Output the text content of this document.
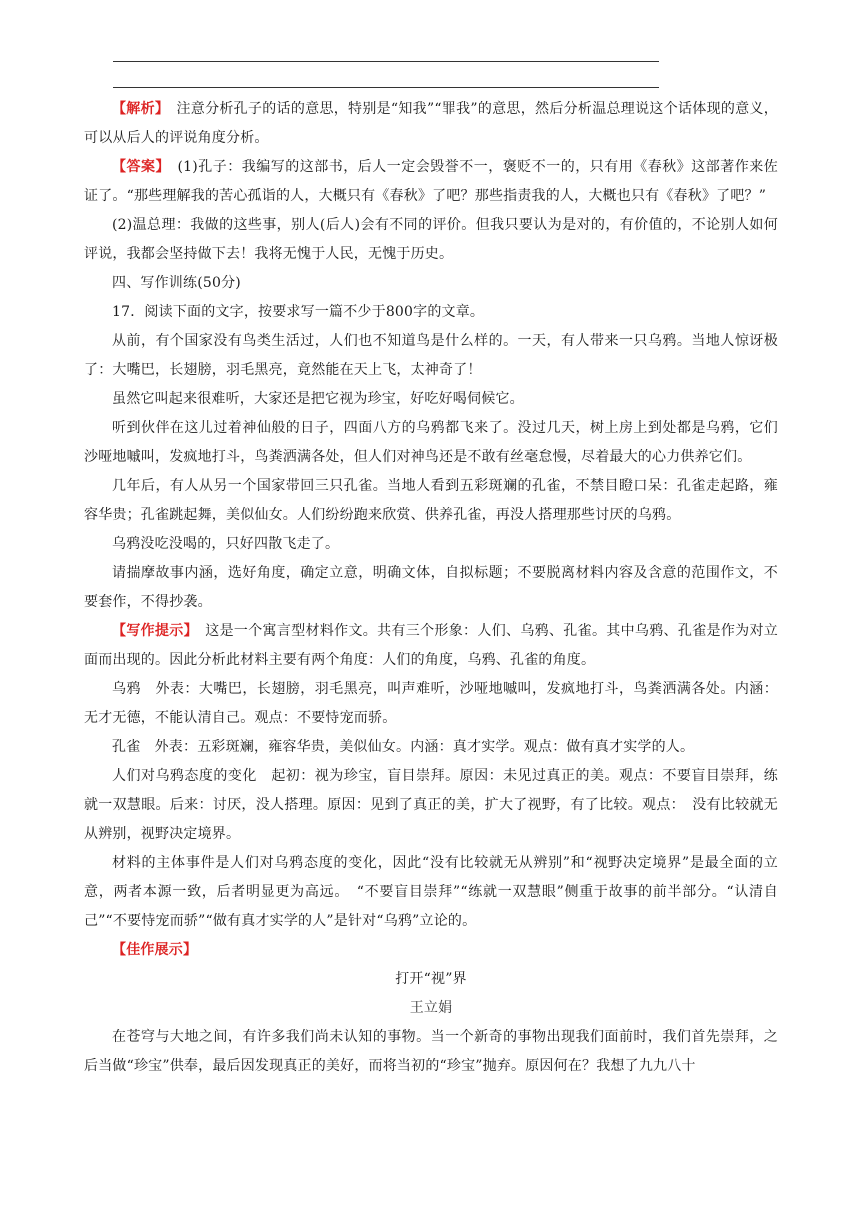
【解析】　注意分析孔子的话的意思，特别是“知我”“罪我”的意思，然后分析温总理说这个话体现的意义，可以从后人的评说角度分析。

【答案】　(1)孔子：我编写的这部书，后人一定会毁誉不一，褒贬不一的，只有用《春秋》这部著作来佐证了。“那些理解我的苦心孤诣的人，大概只有《春秋》了吧？那些指责我的人，大概也只有《春秋》了吧？”

(2)温总理：我做的这些事，别人(后人)会有不同的评价。但我只要认为是对的，有价值的，不论别人如何评说，我都会坚持做下去！我将无愧于人民，无愧于历史。

四、写作训练(50分)

17．阅读下面的文字，按要求写一篇不少于800字的文章。

从前，有个国家没有鸟类生活过，人们也不知道鸟是什么样的。一天，有人带来一只乌鸦。当地人惊讶极了：大嘴巴，长翅膀，羽毛黑亮，竟然能在天上飞，太神奇了！

虽然它叫起来很难听，大家还是把它视为珍宝，好吃好喝伺候它。

听到伙伴在这儿过着神仙般的日子，四面八方的乌鸦都飞来了。没过几天，树上房上到处都是乌鸦，它们沙哑地嘁叫，发疯地打斗，鸟粪洒满各处，但人们对神鸟还是不敢有丝毫怠慢，尽着最大的心力供养它们。

几年后，有人从另一个国家带回三只孔雀。当地人看到五彩斑斓的孔雀，不禁目瞪口呆：孔雀走起路，雍容华贵；孔雀跳起舞，美似仙女。人们纷纷跑来欣赏、供养孔雀，再没人搭理那些讨厌的乌鸦。

乌鸦没吃没喝的，只好四散飞走了。

请揣摩故事内涵，选好角度，确定立意，明确文体，自拟标题；不要脱离材料内容及含意的范围作文，不要套作，不得抄袭。

【写作提示】　这是一个寓言型材料作文。共有三个形象：人们、乌鸦、孔雀。其中乌鸦、孔雀是作为对立面而出现的。因此分析此材料主要有两个角度：人们的角度，乌鸦、孔雀的角度。

乌鸦　外表：大嘴巴，长翅膀，羽毛黑亮，叫声难听，沙哑地嘁叫，发疯地打斗，鸟粪洒满各处。内涵：无才无德，不能认清自己。观点：不要恃宠而骄。

孔雀　外表：五彩斑斓，雍容华贵，美似仙女。内涵：真才实学。观点：做有真才实学的人。

人们对乌鸦态度的变化　起初：视为珍宝，盲目崇拜。原因：未见过真正的美。观点：不要盲目崇拜，练就一双慧眼。后来：讨厌，没人搭理。原因：见到了真正的美，扩大了视野，有了比较。观点：　没有比较就无从辨别，视野决定境界。

材料的主体事件是人们对乌鸦态度的变化，因此“没有比较就无从辨别”和“视野决定境界”是最全面的立意，两者本源一致，后者明显更为高远。　“不要盲目崇拜”“练就一双慧眼”侧重于故事的前半部分。“认清自己”“不要恃宠而骄”“做有真才实学的人”是针对“乌鸦”立论的。

【佳作展示】

打开“视”界

王立娟

在苍穹与大地之间，有许多我们尚未认知的事物。当一个新奇的事物出现我们面前时，我们首先崇拜，之后当做“珍宝”供奉，最后因发现真正的美好，而将当初的“珍宝”抛弃。原因何在？我想了九九八十
